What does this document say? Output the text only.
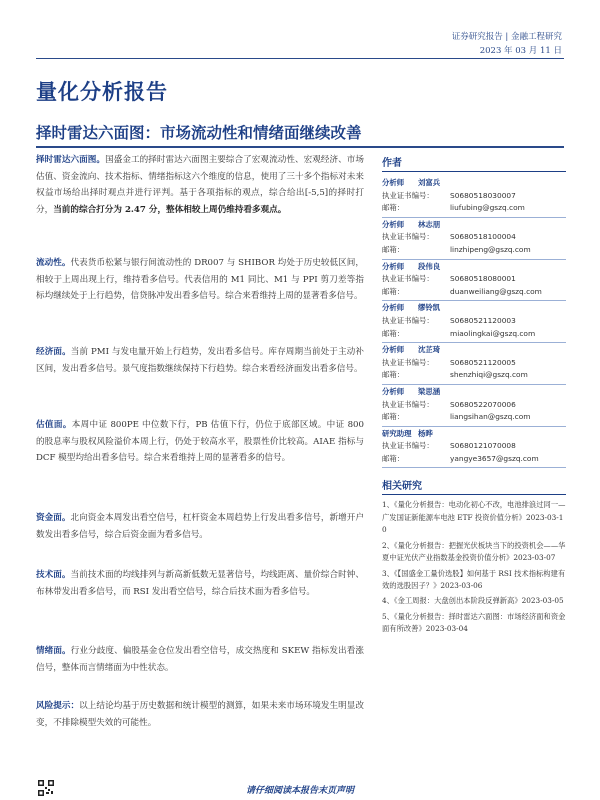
证券研究报告 | 金融工程研究
2023 年 03 月 11 日
量化分析报告
择时雷达六面图：市场流动性和情绪面继续改善
择时雷达六面图。国盛金工的择时雷达六面图主要综合了宏观流动性、宏观经济、市场估值、资金流向、技术指标、情绪指标这六个维度的信息，使用了三十多个指标对未来权益市场给出择时观点并进行评判。基于各项指标的观点，综合给出[-5,5]的择时打分，当前的综合打分为 2.47 分，整体相较上周仍维持看多观点。
流动性。代表货币松紧与银行间流动性的 DR007 与 SHIBOR 均处于历史较低区间，相较于上周出现上行，维持看多信号。代表信用的 M1 同比、M1 与 PPI 剪刀差等指标均继续处于上行趋势，信贷脉冲发出看多信号。综合来看维持上周的显著看多信号。
经济面。当前 PMI 与发电量开始上行趋势，发出看多信号。库存周期当前处于主动补区间，发出看多信号。景气度指数继续保持下行趋势。综合来看经济面发出看多信号。
估值面。本周中证 800PE 中位数下行，PB 估值下行，仍位于底部区域。中证 800 的股息率与股权风险溢价本周上行，仍处于较高水平，股票性价比较高。AIAE 指标与 DCF 模型均给出看多信号。综合来看维持上周的显著看多的信号。
资金面。北向资金本周发出看空信号，杠杆资金本周趋势上行发出看多信号，新增开户数发出看多信号，综合后资金面为看多信号。
技术面。当前技术面的均线排列与新高新低数无显著信号，均线距离、量价综合时钟、布林带发出看多信号，而 RSI 发出看空信号，综合后技术面为看多信号。
情绪面。行业分歧度、偏股基金仓位发出看空信号，成交热度和 SKEW 指标发出看涨信号，整体而言情绪面为中性状态。
风险提示：以上结论均基于历史数据和统计模型的测算，如果未来市场环境发生明显改变，不排除模型失效的可能性。
作者
分析师 刘富兵
执业证书编号： S0680518030007
邮箱：	liufubing@gszq.com
分析师 林志朋
执业证书编号： S0680518100004
邮箱：	linzhipeng@gszq.com
分析师 段伟良
执业证书编号： S0680518080001
邮箱：	duanweiliang@gszq.com
分析师 缪铃凯
执业证书编号： S0680521120003
邮箱：	miaolingkai@gszq.com
分析师 沈芷琦
执业证书编号： S0680521120005
邮箱：	shenzhiqi@gszq.com
分析师 梁思涵
执业证书编号： S0680522070006
邮箱：	liangsihan@gszq.com
研究助理 杨晔
执业证书编号： S0680121070008
邮箱：	yangye3657@gszq.com
相关研究
1、《量化分析报告：电动化初心不改，电池排浪过同一—广发国证新能源车电池 ETF 投资价值分析》2023-03-10
2、《量化分析报告：把握光伏板块当下的投资机会——华夏中证光伏产业指数基金投资价值分析》2023-03-07
3、《【国盛金工量价选股】如何基于 RSI 技术指标构建有效的选股因子？》2023-03-06
4、《金工周报：大盘创出本阶段反弹新高》2023-03-05
5、《量化分析报告：择时雷达六面图：市场经济面和资金面有所改善》2023-03-04
请仔细阅读本报告末页声明
